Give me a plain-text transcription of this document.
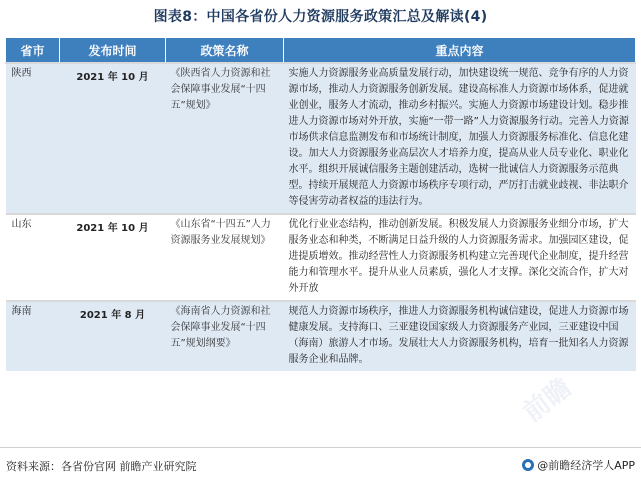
图表8：中国各省份人力资源服务政策汇总及解读(4)
前瞻
省市	发布时间	政策名称	重点内容
陕西	2021 年 10 月	《陕西省人力资源和社会保障事业发展“十四五”规划》	实施人力资源服务业高质量发展行动，加快建设统一规范、竞争有序的人力资源市场，推动人力资源服务创新发展。建设高标准人力资源市场体系，促进就业创业，服务人才流动，推动乡村振兴。实施人力资源市场建设计划。稳步推进人力资源市场对外开放，实施“一带一路”人力资源服务行动。完善人力资源市场供求信息监测发布和市场统计制度，加强人力资源服务标准化、信息化建设。加大人力资源服务业高层次人才培养力度，提高从业人员专业化、职业化水平。组织开展诚信服务主题创建活动，选树一批诚信人力资源服务示范典型。持续开展规范人力资源市场秩序专项行动，严厉打击就业歧视、非法职介等侵害劳动者权益的违法行为。
山东	2021 年 10 月	《山东省“十四五”人力资源服务业发展规划》	优化行业业态结构，推动创新发展。积极发展人力资源服务业细分市场，扩大服务业态和种类，不断满足日益升级的人力资源服务需求。加强园区建设，促进提质增效。推动经营性人力资源服务机构建立完善现代企业制度，提升经营能力和管理水平。提升从业人员素质，强化人才支撑。深化交流合作，扩大对外开放
海南	2021 年 8 月	《海南省人力资源和社会保障事业发展“十四五”规划纲要》	规范人力资源市场秩序，推进人力资源服务机构诚信建设，促进人力资源市场健康发展。支持海口、三亚建设国家级人力资源服务产业园，三亚建设中国（海南）旅游人才市场。发展壮大人力资源服务机构，培育一批知名人力资源服务企业和品牌。
资料来源：各省份官网 前瞻产业研究院	@前瞻经济学人APP
